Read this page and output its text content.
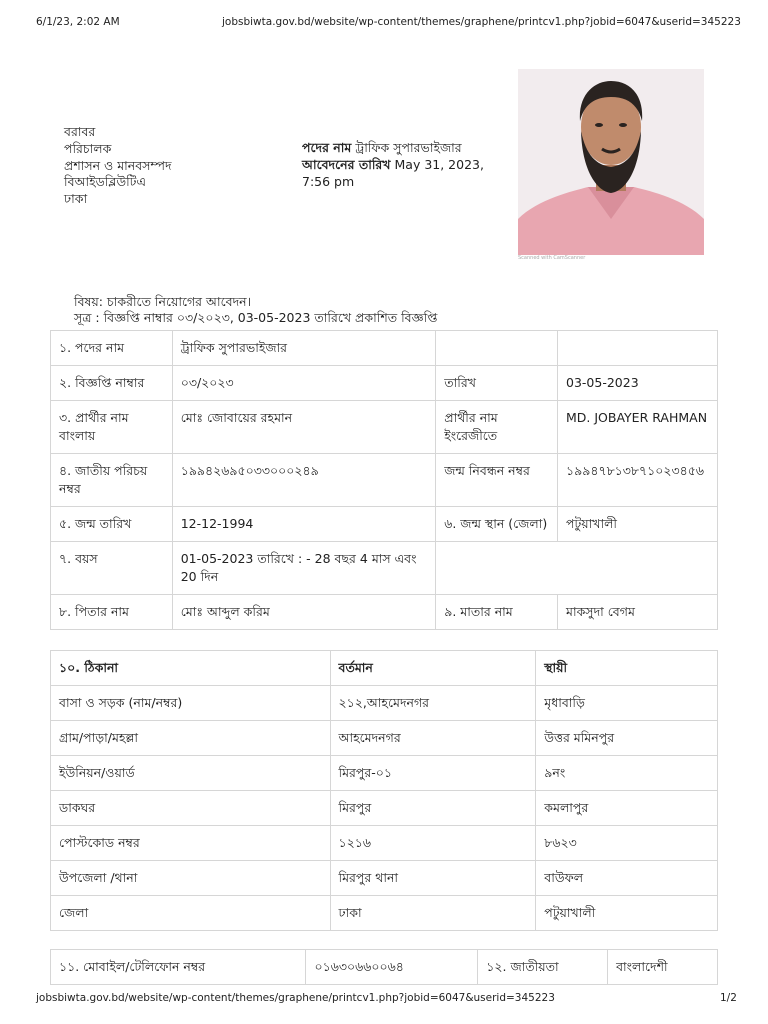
6/1/23, 2:02 AM	jobsbiwta.gov.bd/website/wp-content/themes/graphene/printcv1.php?jobid=6047&userid=345223
বরাবর
পরিচালক
প্রশাসন ও মানবসম্পদ
বিআইডব্লিউটিএ
ঢাকা
পদের নাম ট্রাফিক সুপারভাইজার
আবেদনের তারিখ May 31, 2023, 7:56 pm
Scanned with CamScanner
বিষয়: চাকরীতে নিয়োগের আবেদন।
সূত্র : বিজ্ঞপ্তি নাম্বার ০৩/২০২৩, 03-05-2023 তারিখে প্রকাশিত বিজ্ঞপ্তি
১. পদের নাম	ট্রাফিক সুপারভাইজার		
২. বিজ্ঞপ্তি নাম্বার	০৩/২০২৩	তারিখ	03-05-2023
৩. প্রার্থীর নাম বাংলায়	মোঃ জোবায়ের রহমান	প্রার্থীর নাম ইংরেজীতে	MD. JOBAYER RAHMAN
৪. জাতীয় পরিচয় নম্বর	১৯৯৪২৬৯৫০৩৩০০০২৪৯	জন্ম নিবন্ধন নম্বর	১৯৯৪৭৮১৩৮৭১০২৩৪৫৬
৫. জন্ম তারিখ	12-12-1994	৬. জন্ম স্থান (জেলা)	পটুয়াখালী
৭. বয়স	01-05-2023 তারিখে : - 28 বছর 4 মাস এবং 20 দিন		
৮. পিতার নাম	মোঃ আব্দুল করিম	৯. মাতার নাম	মাকসুদা বেগম
১০. ঠিকানা	বর্তমান	স্থায়ী
বাসা ও সড়ক (নাম/নম্বর)	২১২,আহমেদনগর	মৃধাবাড়ি
গ্রাম/পাড়া/মহল্লা	আহমেদনগর	উত্তর মমিনপুর
ইউনিয়ন/ওয়ার্ড	মিরপুর-০১	৯নং
ডাকঘর	মিরপুর	কমলাপুর
পোস্টকোড নম্বর	১২১৬	৮৬২৩
উপজেলা /থানা	মিরপুর থানা	বাউফল
জেলা	ঢাকা	পটুয়াখালী
১১. মোবাইল/টেলিফোন নম্বর	০১৬৩০৬৬০০৬৪	১২. জাতীয়তা	বাংলাদেশী
jobsbiwta.gov.bd/website/wp-content/themes/graphene/printcv1.php?jobid=6047&userid=345223	1/2
